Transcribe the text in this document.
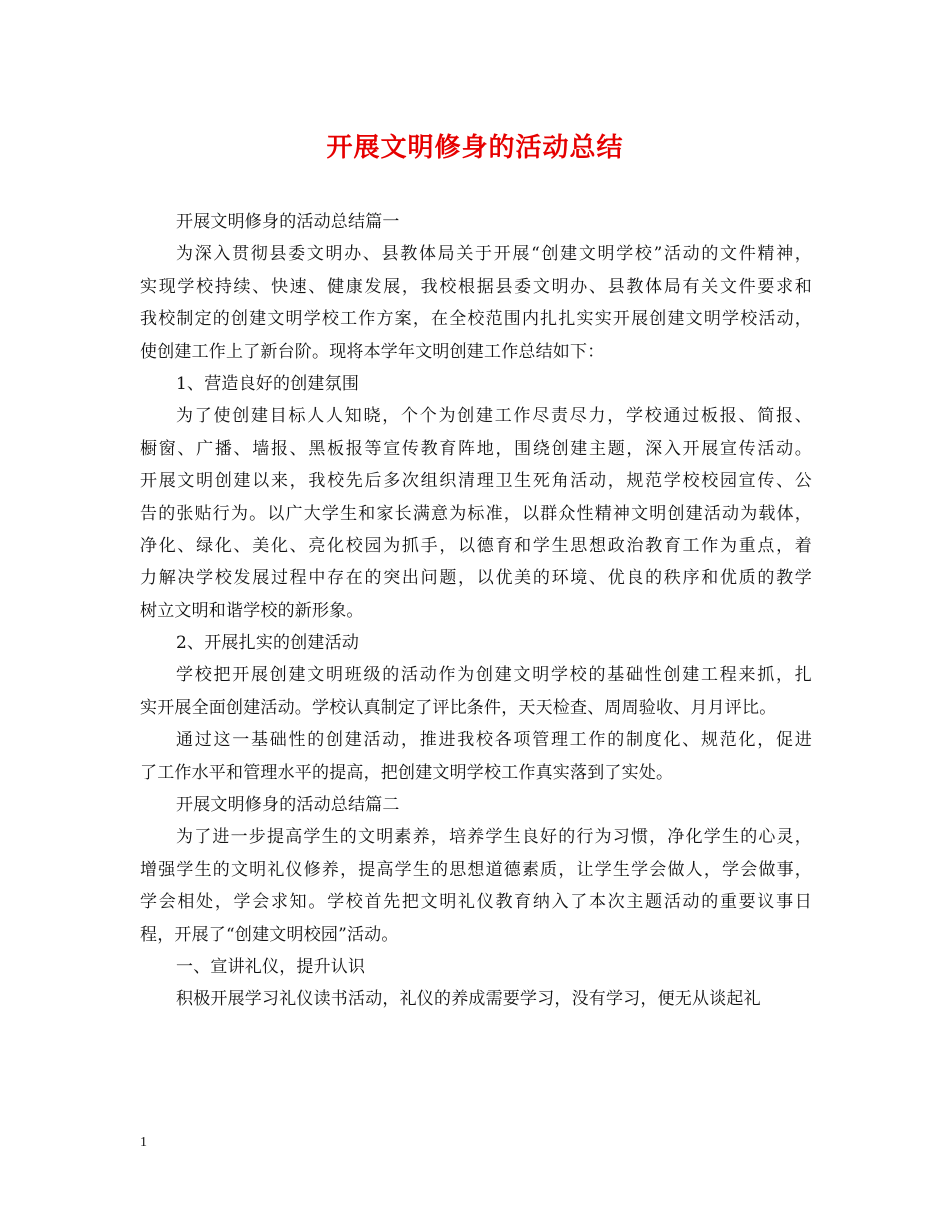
开展文明修身的活动总结
开展文明修身的活动总结篇一
为深入贯彻县委文明办、县教体局关于开展“创建文明学校”活动的文件精神，
实现学校持续、快速、健康发展，我校根据县委文明办、县教体局有关文件要求和
我校制定的创建文明学校工作方案，在全校范围内扎扎实实开展创建文明学校活动，
使创建工作上了新台阶。现将本学年文明创建工作总结如下：
1、营造良好的创建氛围
为了使创建目标人人知晓，个个为创建工作尽责尽力，学校通过板报、简报、
橱窗、广播、墙报、黑板报等宣传教育阵地，围绕创建主题，深入开展宣传活动。
开展文明创建以来，我校先后多次组织清理卫生死角活动，规范学校校园宣传、公
告的张贴行为。以广大学生和家长满意为标准，以群众性精神文明创建活动为载体，
净化、绿化、美化、亮化校园为抓手，以德育和学生思想政治教育工作为重点，着
力解决学校发展过程中存在的突出问题，以优美的环境、优良的秩序和优质的教学
树立文明和谐学校的新形象。
2、开展扎实的创建活动
学校把开展创建文明班级的活动作为创建文明学校的基础性创建工程来抓，扎
实开展全面创建活动。学校认真制定了评比条件，天天检查、周周验收、月月评比。
通过这一基础性的创建活动，推进我校各项管理工作的制度化、规范化，促进
了工作水平和管理水平的提高，把创建文明学校工作真实落到了实处。
开展文明修身的活动总结篇二
为了进一步提高学生的文明素养，培养学生良好的行为习惯，净化学生的心灵，
增强学生的文明礼仪修养，提高学生的思想道德素质，让学生学会做人，学会做事，
学会相处，学会求知。学校首先把文明礼仪教育纳入了本次主题活动的重要议事日
程，开展了“创建文明校园”活动。
一、宣讲礼仪，提升认识
积极开展学习礼仪读书活动，礼仪的养成需要学习，没有学习，便无从谈起礼
1
